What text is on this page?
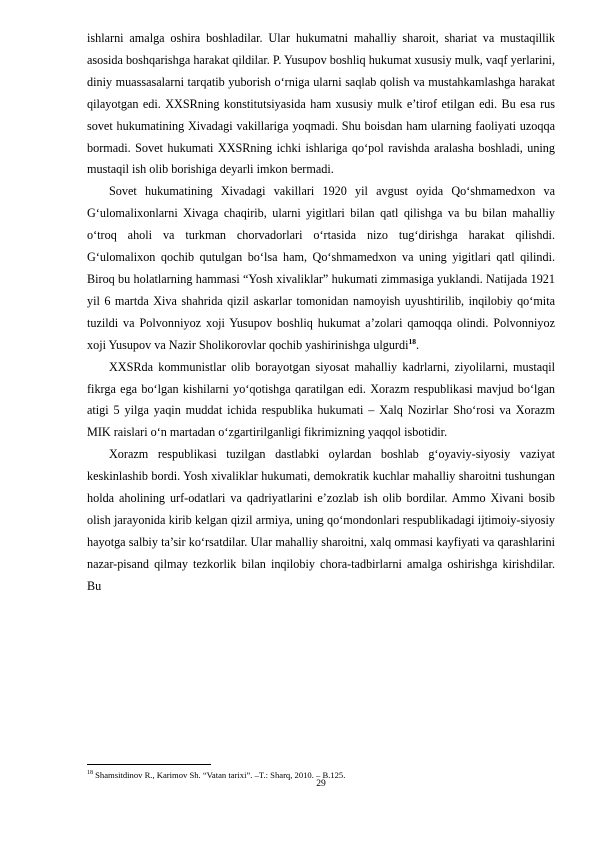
ishlarni amalga oshira boshladilar. Ular hukumatni mahalliy sharoit, shariat va mustaqillik asosida boshqarishga harakat qildilar. P. Yusupov boshliq hukumat xususiy mulk, vaqf yerlarini, diniy muassasalarni tarqatib yuborish o‘rniga ularni saqlab qolish va mustahkamlashga harakat qilayotgan edi. XXSRning konstitutsiyasida ham xususiy mulk e’tirof etilgan edi. Bu esa rus sovet hukumatining Xivadagi vakillariga yoqmadi. Shu boisdan ham ularning faoliyati uzoqqa bormadi. Sovet hukumati XXSRning ichki ishlariga qo‘pol ravishda aralasha boshladi, uning mustaqil ish olib borishiga deyarli imkon bermadi.

Sovet hukumatining Xivadagi vakillari 1920 yil avgust oyida Qo‘shmamedxon va G‘ulomalixonlarni Xivaga chaqirib, ularni yigitlari bilan qatl qilishga va bu bilan mahalliy o‘troq aholi va turkman chorvadorlari o‘rtasida nizo tug‘dirishga harakat qilishdi. G‘ulomalixon qochib qutulgan bo‘lsa ham, Qo‘shmamedxon va uning yigitlari qatl qilindi. Biroq bu holatlarning hammasi “Yosh xivaliklar” hukumati zimmasiga yuklandi. Natijada 1921 yil 6 martda Xiva shahrida qizil askarlar tomonidan namoyish uyushtirilib, inqilobiy qo‘mita tuzildi va Polvonniyoz xoji Yusupov boshliq hukumat a’zolari qamoqqa olindi. Polvonniyoz xoji Yusupov va Nazir Sholikorovlar qochib yashirinishga ulgurdi$^{18}$.

XXSRda kommunistlar olib borayotgan siyosat mahalliy kadrlarni, ziyolilarni, mustaqil fikrga ega bo‘lgan kishilarni yo‘qotishga qaratilgan edi. Xorazm respublikasi mavjud bo‘lgan atigi 5 yilga yaqin muddat ichida respublika hukumati – Xalq Nozirlar Sho‘rosi va Xorazm MIK raislari o‘n martadan o‘zgartirilganligi fikrimizning yaqqol isbotidir.

Xorazm respublikasi tuzilgan dastlabki oylardan boshlab g‘oyaviy-siyosiy vaziyat keskinlashib bordi. Yosh xivaliklar hukumati, demokratik kuchlar mahalliy sharoitni tushungan holda aholining urf-odatlari va qadriyatlarini e’zozlab ish olib bordilar. Ammo Xivani bosib olish jarayonida kirib kelgan qizil armiya, uning qo‘mondonlari respublikadagi ijtimoiy-siyosiy hayotga salbiy ta’sir ko‘rsatdilar. Ular mahalliy sharoitni, xalq ommasi kayfiyati va qarashlarini nazar-pisand qilmay tezkorlik bilan inqilobiy chora-tadbirlarni amalga oshirishga kirishdilar. Bu

$^{18}$ Shamsitdinov R., Karimov Sh. “Vatan tarixi”. –T.: Sharq, 2010. – B.125.

29
